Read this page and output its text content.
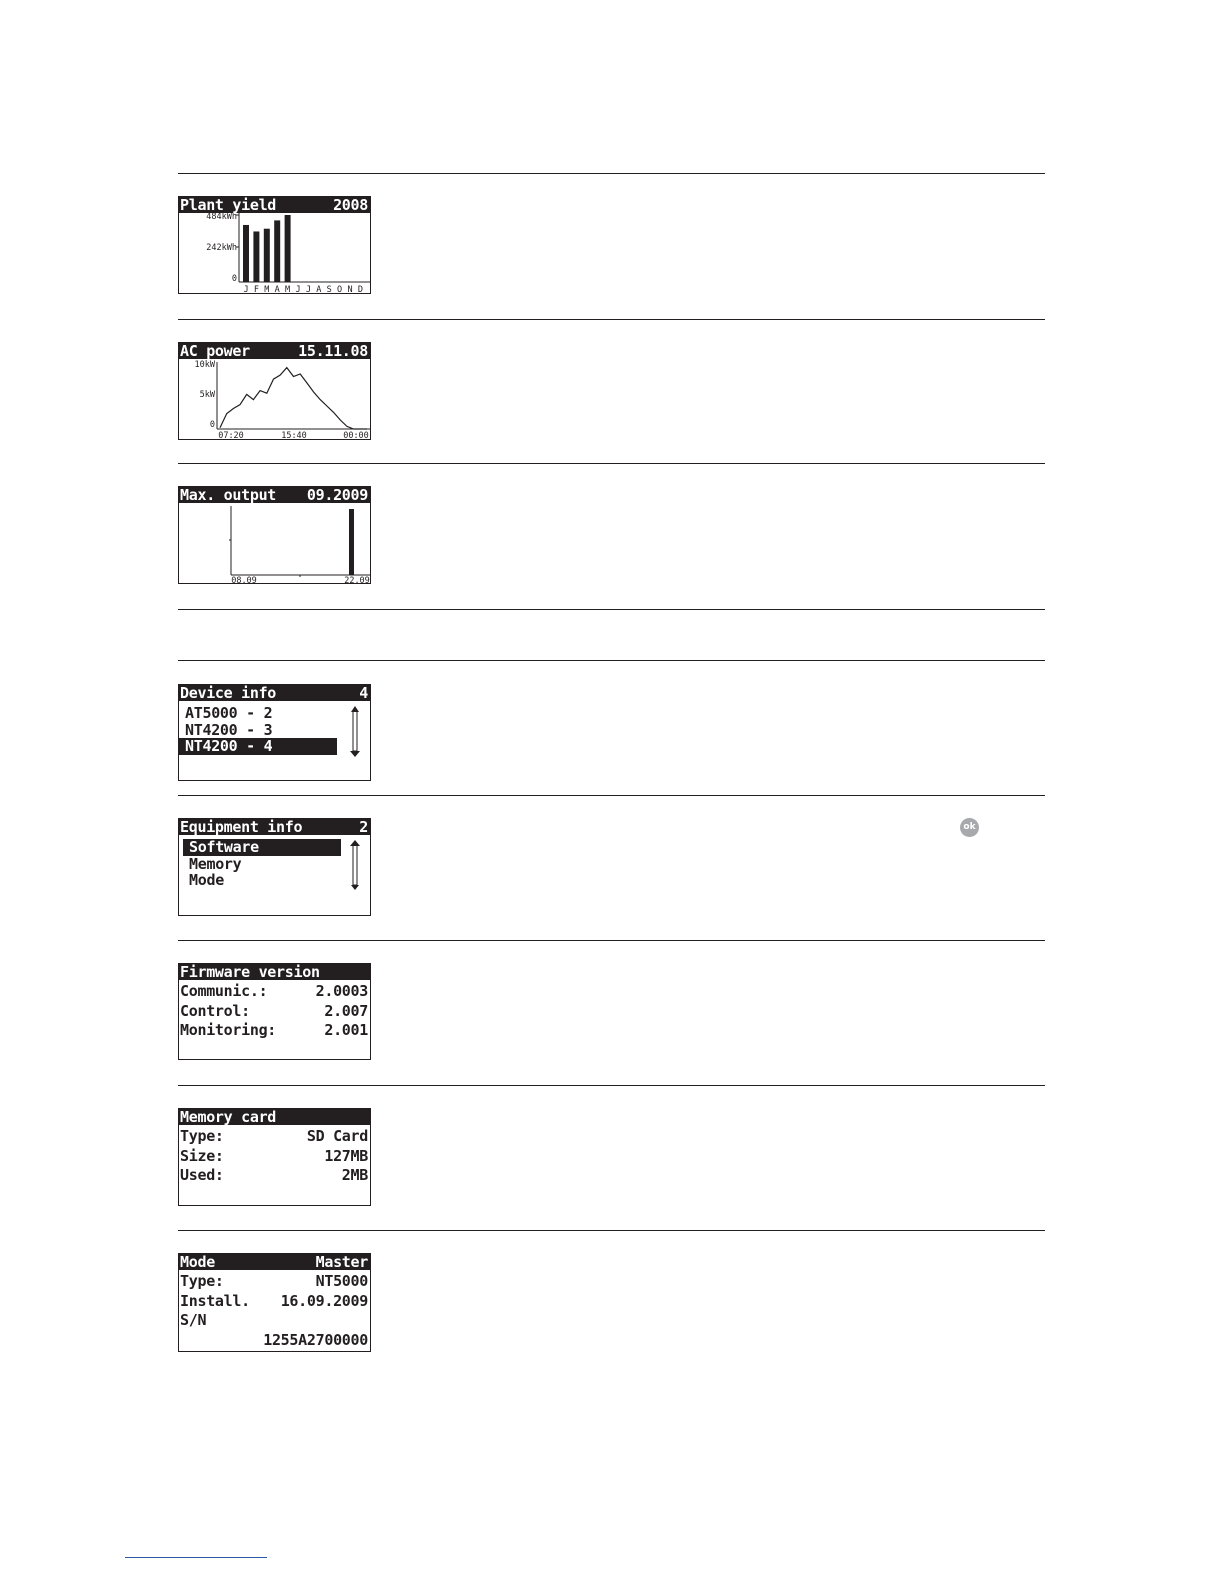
Plant yield	2008
484kWh
242kWh
0
J F M A M J J A S O N D
AC power	15.11.08
10kW
5kW
0
07:20	15:40	00:00
Max. output 09.2009
08.09	22.09
Device info	4
AT5000 - 2
NT4200 - 3
NT4200 - 4
Equipment info	2
Software
Memory
Mode
ok
Firmware version
Communic.:	2.0003
Control:	2.007
Monitoring:	2.001
Memory card
Type:	SD Card
Size:	127MB
Used:	2MB
Mode	Master
Type:	NT5000
Install. 16.09.2009
S/N
1255A2700000
